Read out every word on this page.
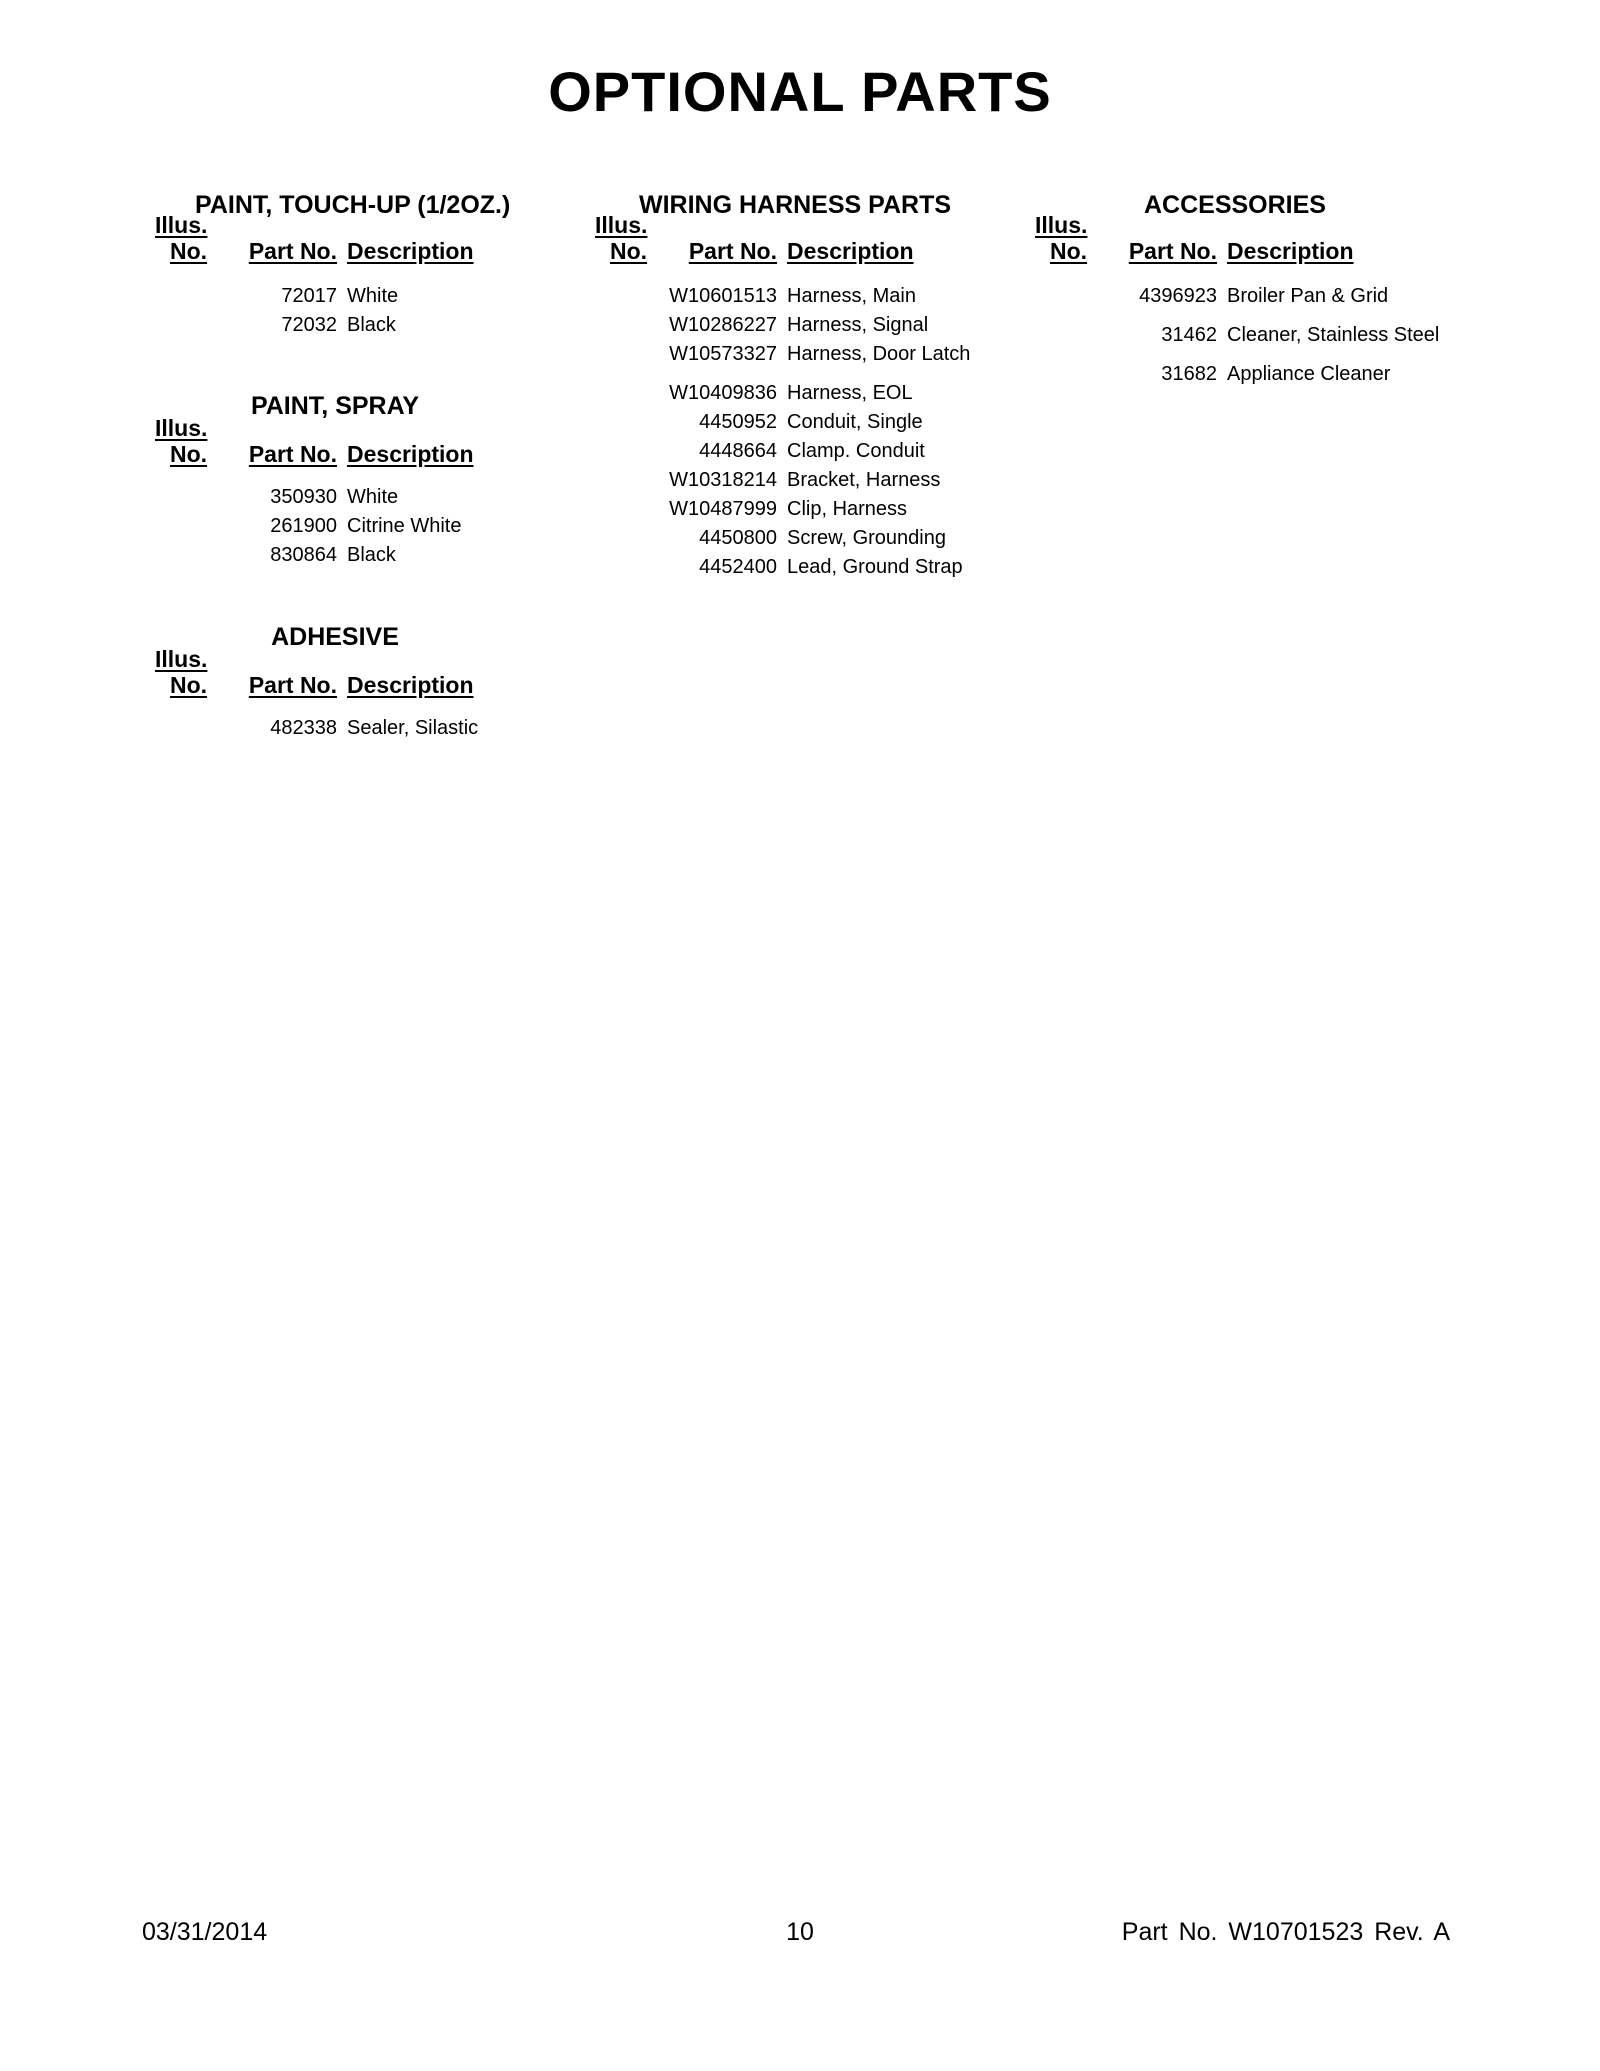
OPTIONAL PARTS
PAINT, TOUCH-UP (1/2OZ.)
Illus.
No. Part No. Description
72017 White
72032 Black
PAINT, SPRAY
Illus.
No. Part No. Description
350930 White
261900 Citrine White
830864 Black
ADHESIVE
Illus.
No. Part No. Description
482338 Sealer, Silastic
WIRING HARNESS PARTS
Illus.
No. Part No. Description
W10601513 Harness, Main
W10286227 Harness, Signal
W10573327 Harness, Door Latch
W10409836 Harness, EOL
4450952 Conduit, Single
4448664 Clamp. Conduit
W10318214 Bracket, Harness
W10487999 Clip, Harness
4450800 Screw, Grounding
4452400 Lead, Ground Strap
ACCESSORIES
Illus.
No. Part No. Description
4396923 Broiler Pan & Grid
31462 Cleaner, Stainless Steel
31682 Appliance Cleaner
03/31/2014	10	Part No. W10701523 Rev. A
